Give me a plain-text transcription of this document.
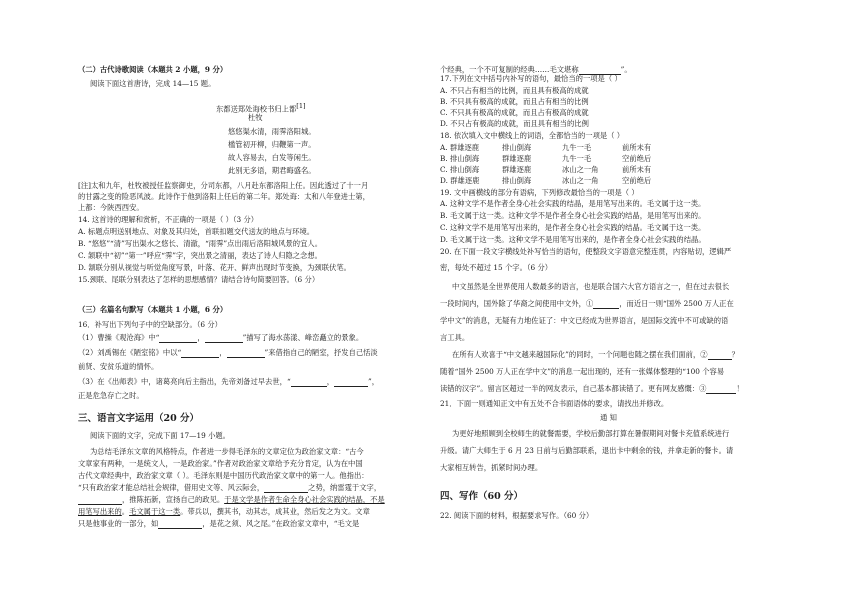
（二）古代诗歌阅读（本题共 2 小题，9 分）
阅读下面这首唐诗，完成 14—15 题。
东都送郑处诲校书归上都[1]
杜牧
悠悠渠水清，雨霁洛阳城。
槛管初开柳，归鞭第一声。
故人容易去，白发等闲生。
此别无多语，期君晦盛名。
[注]太和九年，杜牧被授任监察御史，分司东都，八月赴东都洛阳上任。因此透过了十一月
的甘露之变的险恶风波。此诗作于他到洛阳上任后的第二年。郑处诲：太和八年登进士第，
上都：今陕西西安。
14. 这首诗的理解和赏析，不正确的一项是（ ）（3 分）
A. 标题点明送别地点、对象及其归处，首联扣题交代送友的地点与环境。
B. “悠悠”“清”写出渠水之悠长、清澈，“雨霁”点出雨后洛阳城风景的宜人。
C. 颔联中“初”“第一”呼应“霁”字，突出景之清丽，表达了诗人归隐之念想。
D. 颔联分别从视觉与听觉角度写景，叶落、花开、鲜声出现时节变换，为颈联伏笔。
15.颈联、尾联分别表达了怎样的思想感情？请结合诗句简要回答。（6 分）
（三）名篇名句默写（本题共 1 小题，6 分）
16．补写出下列句子中的空缺部分。（6 分）
（1）曹操《观沧海》中“	，	”描写了海水荡漾、峰峦矗立的景象。
（2）刘禹锡在《陋室铭》中以“	，	”来借指自己的陋室，抒发自己恬淡
前贤、安贫乐道的情怀。
（3）在《出师表》中，诸葛亮向后主指出，先帝刘备过早去世，“	，	”，
正是危急存亡之时。
三、语言文字运用（20 分）
阅读下面的文字，完成下面 17—19 小题。
为总结毛泽东文章的风格特点，作者进一步得毛泽东的文章定位为政治家文章：“古今
文章家有两种，一是统文人，一是政治家。”作者对政治家文章给予充分肯定，认为在中国
古代文章经典中，政治家文章（ ）。毛泽东则是中国历代政治家文章中的第一人。他指出：
“只有政治家才能总结社会规律，借用史文等、风云际会，	之势，纳雷霆于文字，
，推陈拓新，宣扬自己的政见。于是文学是作者生命全身心社会实践的结晶，不是
用笔写出来的。毛文属于这一类。带兵以，撰其书，动其志，成其业，然后发之为文。文章
只是他事业的一部分，如	，是花之须、风之尾。”在政治家文章中，“毛文是
个经典，一个不可复制的经典……毛文堪称	”。
17.下列在文中括号内补写的语句，最恰当的一项是（ ）
A. 不只占有相当的比例，而且具有极高的成就
B. 不只具有极高的成就，而且占有相当的比例
C. 不只具有极高的成就，而且占有极高的成就
D. 不只占有极高的成就，而且具有相当的比例
18. 依次填入文中横线上的词语，全都恰当的一项是（ ）
A. 群雄逐鹿	排山倒海	九牛一毛	前所未有
B. 排山倒海	群雄逐鹿	九牛一毛	空前绝后
C. 排山倒海	群雄逐鹿	冰山之一角	前所未有
D. 群雄逐鹿	排山倒海	冰山之一角	空前绝后
19. 文中画横线的部分有语病，下列修改最恰当的一项是（ ）
A. 这种文学不是作者全身心社会实践的结晶，是用笔写出来的。毛文属于这一类。
B. 毛文属于这一类。这种文学不是作者全身心社会实践的结晶，是用笔写出来的。
C. 这种文学不是用笔写出来的，是作者全身心社会实践的结晶。毛文属于这一类。
D. 毛文属于这一类。这种文学不是用笔写出来的，是作者全身心社会实践的结晶。
20. 在下面一段文字横线处补写恰当的语句，使整段文字语意完整连贯，内容贴切，逻辑严
密，每处不超过 15 个字。（6 分）
中文虽然是全世界使用人数最多的语言，也是联合国六大官方语言之一，但在过去很长
一段时间内，国外除了华裔之间使用中文外，①	，而近日一则“国外 2500 万人正在
学中文”的消息，无疑有力地佐证了：中文已经成为世界语言，是国际交流中不可或缺的语
言工具。
在所有人欢喜于“中文越来越国际化”的同时，一个问题也随之摆在我们面前，②	？
随着“国外 2500 万人正在学中文”的消息一起出现的，还有一张媒体整理的“100 个容易
读错的汉字”。留言区超过一半的网友表示，自己基本都读错了。更有网友感慨：③	！
21．下面一则通知正文中有五处不合书面语体的要求，请找出并修改。
通 知
为更好地照顾到全校师生的就餐需要，学校后勤部打算在暑假期间对餐卡充值系统进行
升级。请广大师生于 6 月 23 日前与后勤部联系，退出卡中剩余的钱，并拿走新的餐卡。请
大家相互转告，抓紧时间办理。
四、写作（60 分）
22. 阅读下面的材料，根据要求写作。（60 分）
